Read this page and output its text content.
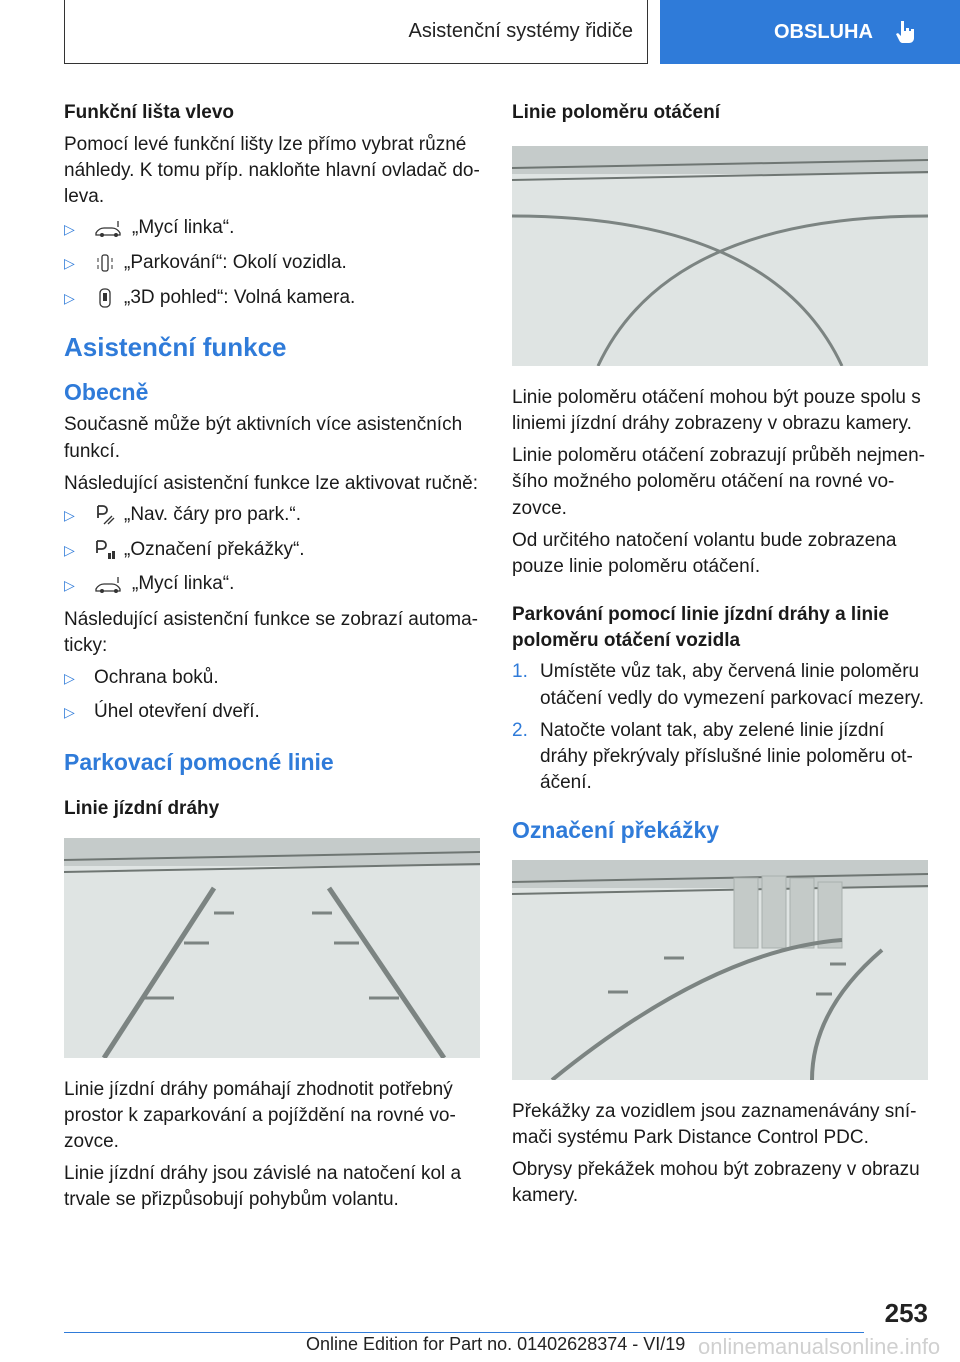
Asistenční systémy řidiče	OBSLUHA
Funkční lišta vlevo
Pomocí levé funkční lišty lze přímo vybrat různé náhledy. K tomu příp. nakloňte hlavní ovladač do-leva.
▷	„Mycí linka“.
▷	„Parkování“: Okolí vozidla.
▷	„3D pohled“: Volná kamera.
Asistenční funkce
Obecně
Současně může být aktivních více asistenčních funkcí.
Následující asistenční funkce lze aktivovat ručně:
▷	„Nav. čáry pro park.“.
▷	„Označení překážky“.
▷	„Mycí linka“.
Následující asistenční funkce se zobrazí automa-ticky:
▷	Ochrana boků.
▷	Úhel otevření dveří.
Parkovací pomocné linie
Linie jízdní dráhy
Linie jízdní dráhy pomáhají zhodnotit potřebný prostor k zaparkování a pojíždění na rovné vo-zovce.
Linie jízdní dráhy jsou závislé na natočení kol a trvale se přizpůsobují pohybům volantu.
Linie poloměru otáčení
Linie poloměru otáčení mohou být pouze spolu s liniemi jízdní dráhy zobrazeny v obrazu kamery.
Linie poloměru otáčení zobrazují průběh nejmen-šího možného poloměru otáčení na rovné vo-zovce.
Od určitého natočení volantu bude zobrazena pouze linie poloměru otáčení.
Parkování pomocí linie jízdní dráhy a linie poloměru otáčení vozidla
1. Umístěte vůz tak, aby červená linie poloměru otáčení vedly do vymezení parkovací mezery.
2. Natočte volant tak, aby zelené linie jízdní dráhy překrývaly příslušné linie poloměru ot-áčení.
Označení překážky
Překážky za vozidlem jsou zaznamenávány sní-mači systému Park Distance Control PDC.
Obrysy překážek mohou být zobrazeny v obrazu kamery.
253
Online Edition for Part no. 01402628374 - VI/19 onlinemanualsonline.info
